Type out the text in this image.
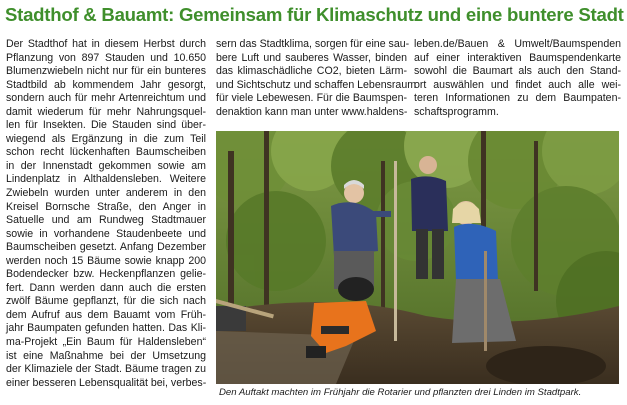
Stadthof & Bauamt: Gemeinsam für Klimaschutz und eine buntere Stadt
Der Stadthof hat in diesem Herbst durch
Pflanzung von 897 Stauden und 10.650
Blumenzwiebeln nicht nur für ein bunteres
Stadtbild ab kommendem Jahr gesorgt,
sondern auch für mehr Artenreichtum und
damit wiederum für mehr Nahrungsquel-
len für Insekten. Die Stauden sind über-
wiegend als Ergänzung in die zum Teil
schon recht lückenhaften Baumscheiben
in der Innenstadt gekommen sowie am
Lindenplatz in Althaldensleben. Weitere
Zwiebeln wurden unter anderem in den
Kreisel Bornsche Straße, den Anger in
Satuelle und am Rundweg Stadtmauer
sowie in vorhandene Staudenbeete und
Baumscheiben gesetzt. Anfang Dezember
werden noch 15 Bäume sowie knapp 200
Bodendecker bzw. Heckenpflanzen gelie-
fert. Dann werden dann auch die ersten
zwölf Bäume gepflanzt, für die sich nach
dem Aufruf aus dem Bauamt vom Früh-
jahr Baumpaten gefunden hatten. Das Kli-
ma-Projekt „Ein Baum für Haldensleben“
ist eine Maßnahme bei der Umsetzung
der Klimaziele der Stadt. Bäume tragen zu
einer besseren Lebensqualität bei, verbes-
sern das Stadtklima, sorgen für eine sau-
bere Luft und sauberes Wasser, binden
das klimaschädliche CO2, bieten Lärm-
und Sichtschutz und schaffen Lebensraum
für viele Lebewesen. Für die Baumspen-
denaktion kann man unter www.haldens-
leben.de/Bauen & Umwelt/Baumspenden
auf einer interaktiven Baumspendenkarte
sowohl die Baumart als auch den Stand-
ort auswählen und findet auch alle wei-
teren Informationen zu dem Baumpaten-
schaftsprogramm.
Den Auftakt machten im Frühjahr die Rotarier und pflanzten drei Linden im Stadtpark.
